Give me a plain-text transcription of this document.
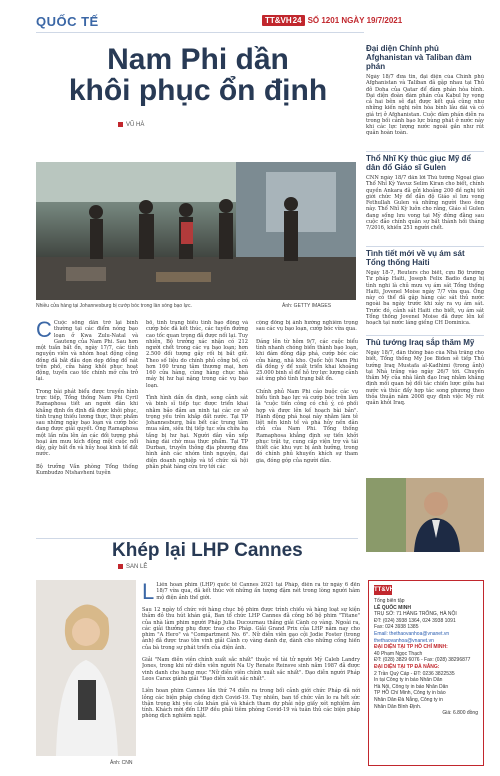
QUỐC TẾ	TT&VH24 SỐ 1201 NGÀY 19/7/2021
Nam Phi dần
khôi phục ổn định
VŨ HÀ
Nhiều cửa hàng tại Johannesburg bị cướp bóc trong làn sóng bạo lực.	Ảnh: GETTY IMAGES
C Cuộc sống dần trở lại bình thường tại các điểm nóng bạo loạn ở Kwa Zulu-Natal và Gauteng của Nam Phi. Sau hơn một tuần bất ổn, ngày 17/7, các tình nguyện viên và nhóm hoạt động cộng đồng đã bắt đầu dọn dẹp đống đổ nát trên phố, cửa hàng khôi phục hoạt động, tuyến cao tốc chính mở cửa trở lại.

Trong bài phát biểu được truyền hình trực tiếp, Tổng thống Nam Phi Cyril Ramaphosa tiết an người dân khi khẳng định ổn định đã được khôi phục, tình trạng thiếu lương thực, thực phẩm sau những ngày bạo loạn và cướp bóc đang được giải quyết. Ông Ramaphosa một lần nữa lên án các đối tượng phá hoại âm mưu kích động một cuộc nổi dậy, gây bất ổn và hủy hoại kinh tế đất nước.

Bộ trưởng Văn phòng Tổng thống Kumbudzo Ntshavheni tuyên
bố, tình trạng biểu tình bạo động và cướp bóc đã kết thúc, các tuyến đường cao tốc quan trọng đã được nối lại. Tuy nhiên, Bộ trưởng xác nhận có 212 người chết trong các vụ bạo loạn; hơn 2.500 đối tượng gây rối bị bắt giữ. Theo số liệu do chính phủ công bố, có hơn 160 trung tâm thương mại, hơn 160 cửa hàng, cùng hàng chục nhà máy bị hư hại nặng trong các vụ bạo loạn.

Tình hình dần ổn định, song cảnh sát và binh sĩ tiếp tục được triển khai nhằm bảo đảm an ninh tại các cơ sở trọng yếu trên khắp đất nước. Tại TP Johannesburg, bầu bết các trung tâm mua sắm, siêu thị tiếp tục sửa chữa hạ tầng bị hư hại. Người dân vẫn xếp hàng dài chờ mua thực phẩm. Tại TP Durban, truyền thông địa phương đưa hình ảnh các nhóm tình nguyện, đại diện doanh nghiệp và tổ chức xã hội phân phát hàng cứu trợ tới các
cộng đồng bị ảnh hưởng nghiêm trọng sau các vụ bạo loạn, cướp bóc vừa qua.

Đáng lên từ hôm 9/7, các cuộc biểu tình nhanh chóng biến thành bạo loạn, khi đám đông đập phá, cướp bóc các cửa hàng, nhà kho. Quốc hội Nam Phi đã đồng ý để xuất triển khai khoảng 25.000 binh sĩ để hỗ trợ lực lượng cảnh sát ứng phó tình trạng bất ổn.

Chính phủ Nam Phi cáo buộc các vụ biểu tình bạo lực và cướp bóc trên làm là "cuộc tiến công có chủ ý, có phối hợp và được lên kế hoạch bài bản". Hành động phá hoại này nhằm làm tê liệt nền kinh tế và phá hủy nền dân chủ của Nam Phi. Tổng thống Ramaphosa khẳng định sự tiến khởi phục trật tự, cung cấp viện trợ và tái thiết các khu vực bị ảnh hưởng, trong đó chính phủ khuyến khích sự tham gia, đóng góp của người dân.
Đại diện Chính phủ Afghanistan và Taliban đàm phán
Ngày 18/7 đưa tin, đại diện của Chính phủ Afghanistan và Taliban đã gặp nhau tại Thủ đô Doha của Qatar để đàm phán hòa bình. Đại diện đoàn đàm phán của Kabul hy vọng cả hai bên sẽ đạt được kết quả cũng như những kiến nghị nên hòa bình lâu dài và có giá trị ở Afghanistan. Cuộc đàm phán diễn ra trong bối cảnh bạo lực bùng phát ở nước này khi các lực lượng nước ngoài gần như rút quân hoàn toàn.
Thổ Nhĩ Kỳ thúc giục Mỹ để dân đổ Giáo sĩ Gulen
CNN ngày 18/7 dẫn lời Thủ tướng Ngoại giao Thổ Nhĩ Kỳ Yavuz Selim Kiran cho biết, chính quyền Ankara đã gửi khoảng 200 đề nghị tới giới chức Mỹ để dẫn độ Giáo sĩ lưu vong Fethullah Gulen và những người theo ông này. Thổ Nhĩ Kỳ luôn cho rằng, Giáo sĩ Gulen đang sống lưu vong tại Mỹ đứng đằng sau cuộc đảo chính quân sự bất thành hồi tháng 7/2016, khiến 251 người chết.
Tình tiết mới về vụ ám sát Tổng thống Haiti
Ngày 18-7, Reuters cho biết, cựu Bộ trưởng Tư pháp Haiti, Joseph Felix Badio đang bị tình nghi là chủ mưu vụ ám sát Tổng thống Haiti, Jovenel Moise ngày 7/7 vừa qua. Ông này có thể đã gặp hàng các sát thủ nước ngoài ba ngày trước khi xảy ra vụ ám sát. Trước đó, cảnh sát Haiti cho biết, vụ ám sát Tổng thống Jovenel Moise đã được lên kế hoạch tại nước láng giềng CH Dominica.
Thủ tướng Iraq sắp thăm Mỹ
Ngày 18/7, dẫn thông báo của Nhà trắng cho biết, Tổng thống Mỹ Joe Biden sẽ tiếp Thủ tướng Iraq Mustafa al-Kadhimi (trong ảnh) tại Nhà trắng vào ngày 26/7 tới. Chuyến thăm Mỹ của nhà lãnh đạo Iraq nhằm khẳng định mối quan hệ đối tác chiến lược giữa hai nước và thúc đẩy hợp tác song phương theo thỏa thuận năm 2008 quy định việc Mỹ rút quân khỏi Iraq.
Khép lại LHP Cannes
SAN LÊ
Ảnh: CNN
L Liên hoan phim (LHP) quốc tế Cannes 2021 tại Pháp, diễn ra từ ngày 6 đến 18/7 vừa qua, đã kết thúc với những ấn tượng đậm nét trong lòng người hâm mộ điện ảnh thế giới.

Sau 12 ngày tổ chức với hàng chục bộ phim được trình chiếu và hàng loạt sự kiện thảm đỏ thu hút khán giả, Ban tổ chức LHP Cannes đã công bố bộ phim "Titane" của nhà làm phim người Pháp Julia Ducournau thắng giải Cành cọ vàng. Ngoài ra, các giải thưởng phụ được trao cho Pháp. Giải Grand Prix của LHP năm nay cho phim "A Hero" và "Compartment No. 6". Nữ diễn viên gạo cội Jodie Foster (trong ảnh) đã được trao tôn vinh giải Cành cọ vàng danh dự, dành cho những cống hiến của bà trong sự phát triển của điện ảnh.

Giải "Nam diễn viên chính xuất sắc nhất" thuộc về tài tử người Mỹ Caleb Landry Jones, trong khi nữ diễn viên người Na Uy Renate Reinsve sinh năm 1987 đã được vinh danh cho hạng mục "Nữ diễn viên chính xuất sắc nhất". Đạo diễn người Pháp Leos Carax giành giải "Đạo diễn xuất sắc nhất".

Liên hoan phim Cannes lần thứ 74 diễn ra trong bối cảnh giới chức Pháp đã nới lỏng các biện pháp chống dịch Covid-19. Tuy nhiên, ban tổ chức vẫn lo ra hết sức thận trọng khi yêu cầu khán giả và khách tham dự phải nộp giấy xét nghiệm âm tính. Khách mời đến LHP đều phải tiêm phòng Covid-19 và tuân thủ các biện pháp phòng dịch nghiêm ngặt.
TT&VH
Tổng biên tập
LÊ QUỐC MINH
TRỤ SỞ: 71 HÀNG TRỐNG, HÀ NỘI
ĐT: (024) 3938 1364, 024 3938 1091
Fax: 024 3938 1385
Email: thethaovanhoa@vnanet.vn
thethaovanhoa@vnanet.vn
ĐẠI DIỆN TẠI TP HỒ CHÍ MINH:
40 Phạm Ngọc Thạch
ĐT: (028) 3829 6076 - Fax: (028) 38296877
ĐẠI DIỆN TẠI TP ĐÀ NẴNG:
2 Trần Quý Cáp - ĐT: 0236 3822535
In tại Công ty in báo Nhân Dân
Hà Nội, Công ty in báo Nhân Dân
TP HỒ Chí Minh, Công ty in báo
Nhân Dân Đà Nẵng, Công ty in
Nhân Dân Bình Định.
Giá: 6.800 đồng
